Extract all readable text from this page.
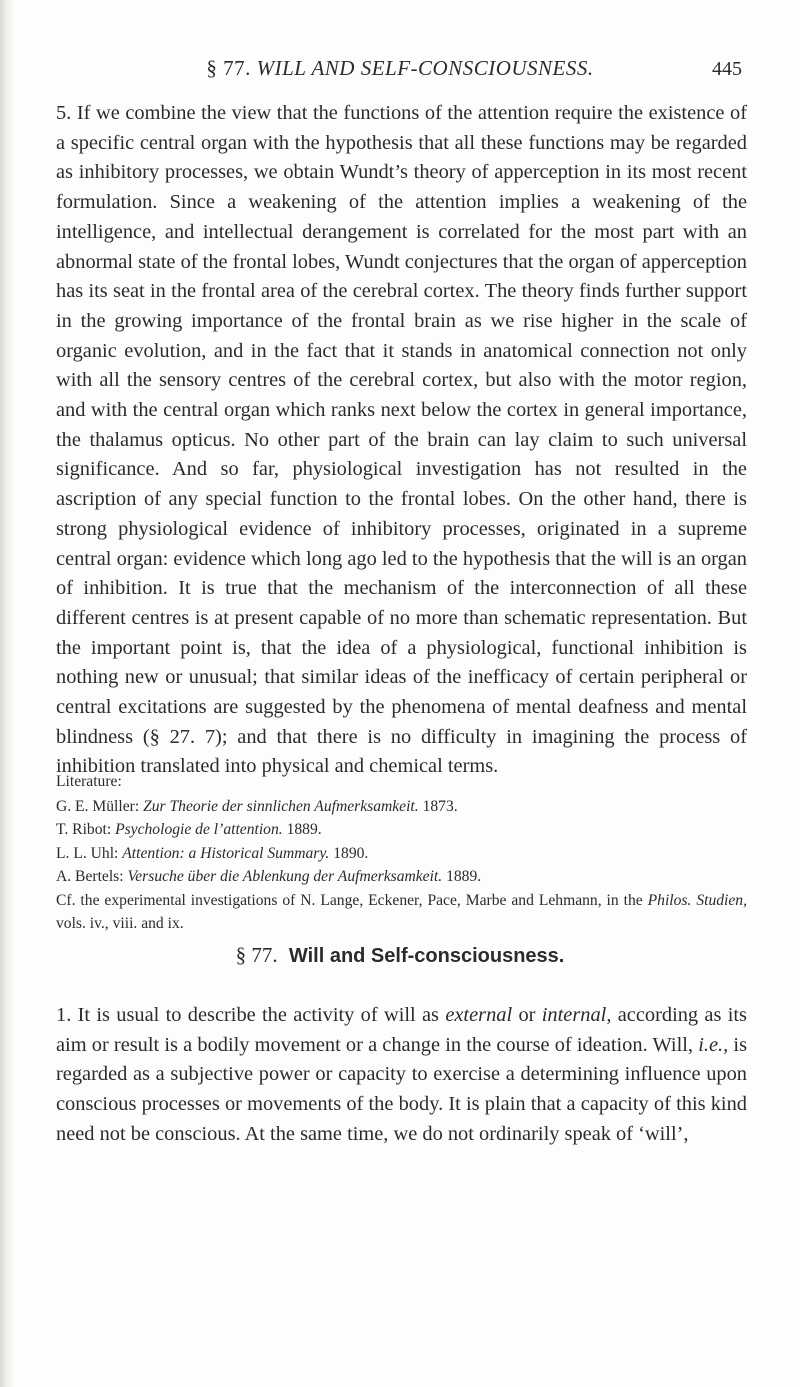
§ 77. WILL AND SELF-CONSCIOUSNESS.	445

5. If we combine the view that the functions of the attention require the existence of a specific central organ with the hypothesis that all these functions may be regarded as inhibitory processes, we obtain Wundt’s theory of apperception in its most recent formulation. Since a weakening of the attention implies a weakening of the intelligence, and intellectual derangement is correlated for the most part with an abnormal state of the frontal lobes, Wundt conjectures that the organ of apperception has its seat in the frontal area of the cerebral cortex. The theory finds further support in the growing importance of the frontal brain as we rise higher in the scale of organic evolution, and in the fact that it stands in anatomical connection not only with all the sensory centres of the cerebral cortex, but also with the motor region, and with the central organ which ranks next below the cortex in general importance, the thalamus opticus. No other part of the brain can lay claim to such universal significance. And so far, physiological investigation has not resulted in the ascription of any special function to the frontal lobes. On the other hand, there is strong physiological evidence of inhibitory processes, originated in a supreme central organ: evidence which long ago led to the hypothesis that the will is an organ of inhibition. It is true that the mechanism of the interconnection of all these different centres is at present capable of no more than schematic representation. But the important point is, that the idea of a physiological, functional inhibition is nothing new or unusual; that similar ideas of the inefficacy of certain peripheral or central excitations are suggested by the phenomena of mental deafness and mental blindness (§ 27. 7); and that there is no difficulty in imagining the process of inhibition translated into physical and chemical terms.

Literature:

G. E. Müller: Zur Theorie der sinnlichen Aufmerksamkeit. 1873.

T. Ribot: Psychologie de l’attention. 1889.

L. L. Uhl: Attention: a Historical Summary. 1890.

A. Bertels: Versuche über die Ablenkung der Aufmerksamkeit. 1889.

Cf. the experimental investigations of N. Lange, Eckener, Pace, Marbe and Lehmann, in the Philos. Studien, vols. iv., viii. and ix.

§ 77. Will and Self-consciousness.

1. It is usual to describe the activity of will as external or internal, according as its aim or result is a bodily movement or a change in the course of ideation. Will, i.e., is regarded as a subjective power or capacity to exercise a determining influence upon conscious processes or movements of the body. It is plain that a capacity of this kind need not be conscious. At the same time, we do not ordinarily speak of ‘will’,
